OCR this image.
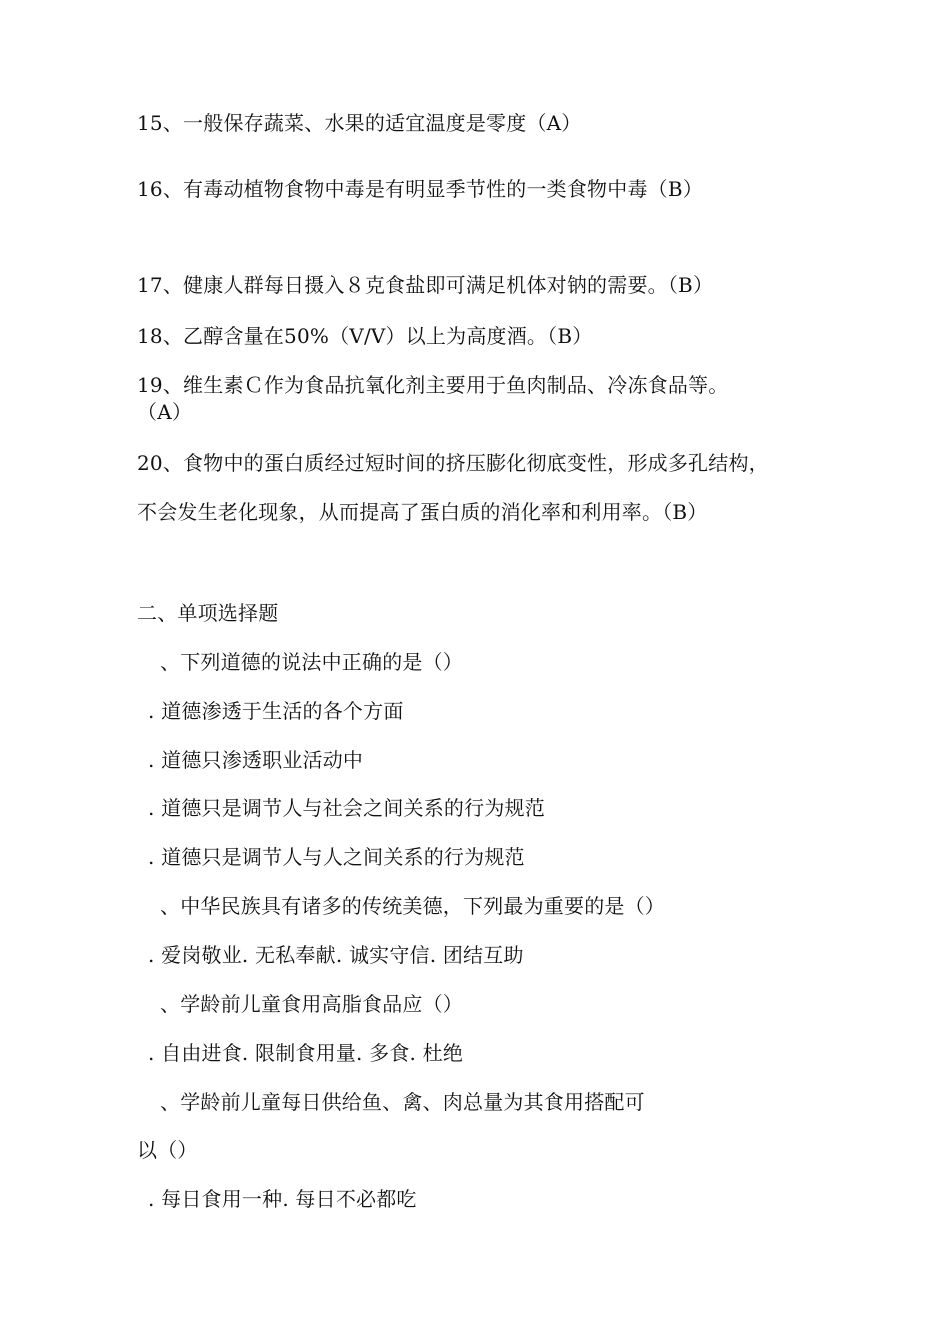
15、一般保存蔬菜、水果的适宜温度是零度（A）
16、有毒动植物食物中毒是有明显季节性的一类食物中毒（B）
17、健康人群每日摄入８克食盐即可满足机体对钠的需要。（B）
18、乙醇含量在50%（V/V）以上为高度酒。（B）
19、维生素Ｃ作为食品抗氧化剂主要用于鱼肉制品、冷冻食品等。
（A）
20、食物中的蛋白质经过短时间的挤压膨化彻底变性，形成多孔结构，
不会发生老化现象，从而提高了蛋白质的消化率和利用率。（B）
二、单项选择题
、下列道德的说法中正确的是（）
. 道德渗透于生活的各个方面
. 道德只渗透职业活动中
. 道德只是调节人与社会之间关系的行为规范
. 道德只是调节人与人之间关系的行为规范
、中华民族具有诸多的传统美德，下列最为重要的是（）
. 爱岗敬业. 无私奉献. 诚实守信. 团结互助
、学龄前儿童食用高脂食品应（）
. 自由进食. 限制食用量. 多食. 杜绝
、学龄前儿童每日供给鱼、禽、肉总量为其食用搭配可
以（）
. 每日食用一种. 每日不必都吃
